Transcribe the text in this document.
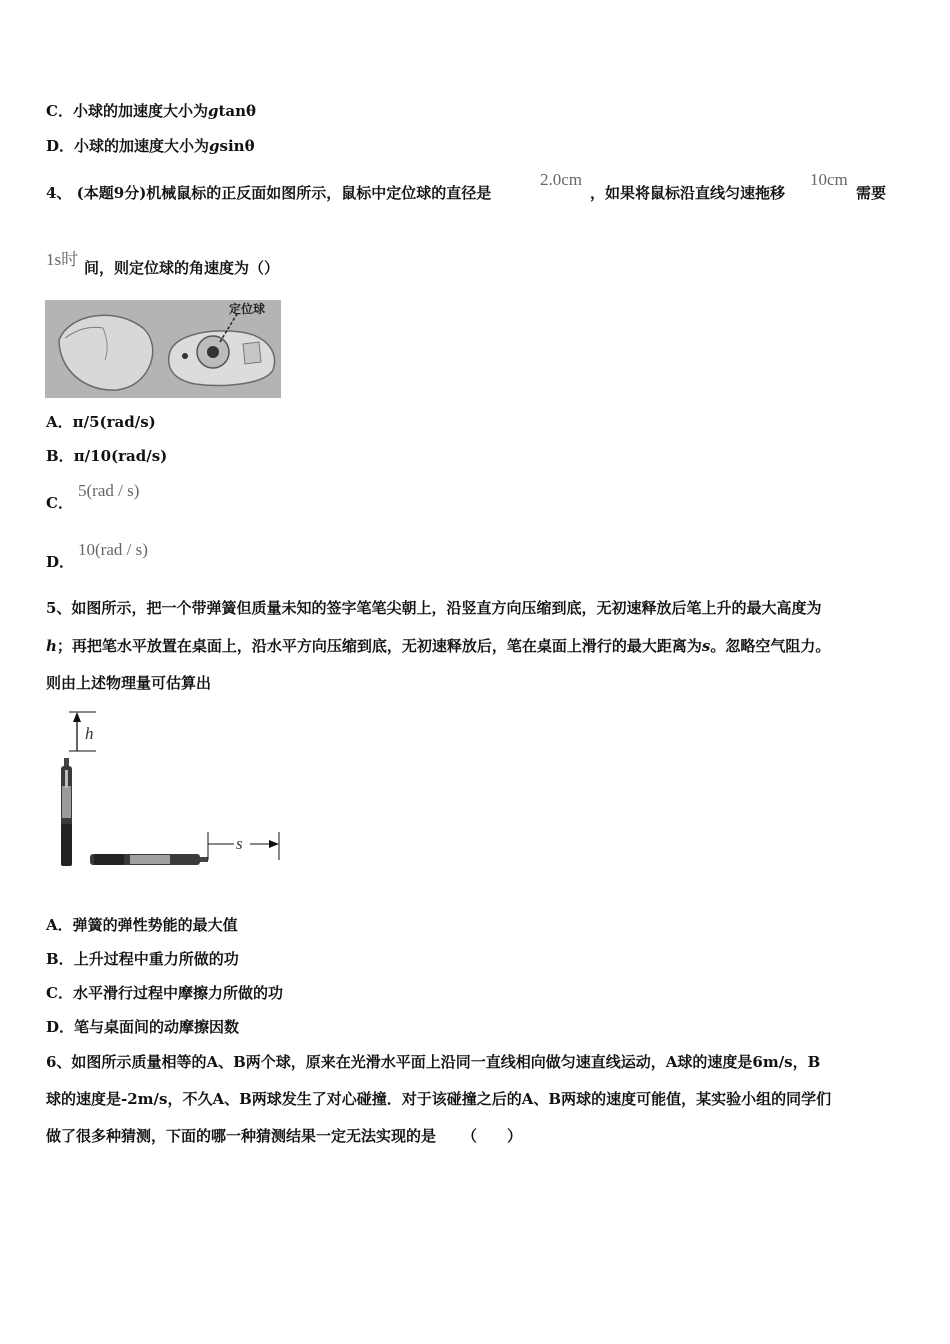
C．小球的加速度大小为gtanθ
D．小球的加速度大小为gsinθ
4、 (本题9分)机械鼠标的正反面如图所示，鼠标中定位球的直径是
2.0cm
，如果将鼠标沿直线匀速拖移
10cm
需要
1s时 间，则定位球的角速度为（）
定位球
A．π/5(rad/s)
B．π/10(rad/s)
C．
5(rad / s)
D．
10(rad / s)
5、如图所示，把一个带弹簧但质量未知的签字笔笔尖朝上，沿竖直方向压缩到底，无初速释放后笔上升的最大高度为
h；再把笔水平放置在桌面上，沿水平方向压缩到底，无初速释放后，笔在桌面上滑行的最大距离为s。忽略空气阻力。
则由上述物理量可估算出
h
s
A．弹簧的弹性势能的最大值
B．上升过程中重力所做的功
C．水平滑行过程中摩擦力所做的功
D．笔与桌面间的动摩擦因数
6、如图所示质量相等的A、B两个球，原来在光滑水平面上沿同一直线相向做匀速直线运动，A球的速度是6m/s，B
球的速度是-2m/s，不久A、B两球发生了对心碰撞．对于该碰撞之后的A、B两球的速度可能值，某实验小组的同学们
做了很多种猜测，下面的哪一种猜测结果一定无法实现的是 （　　）
